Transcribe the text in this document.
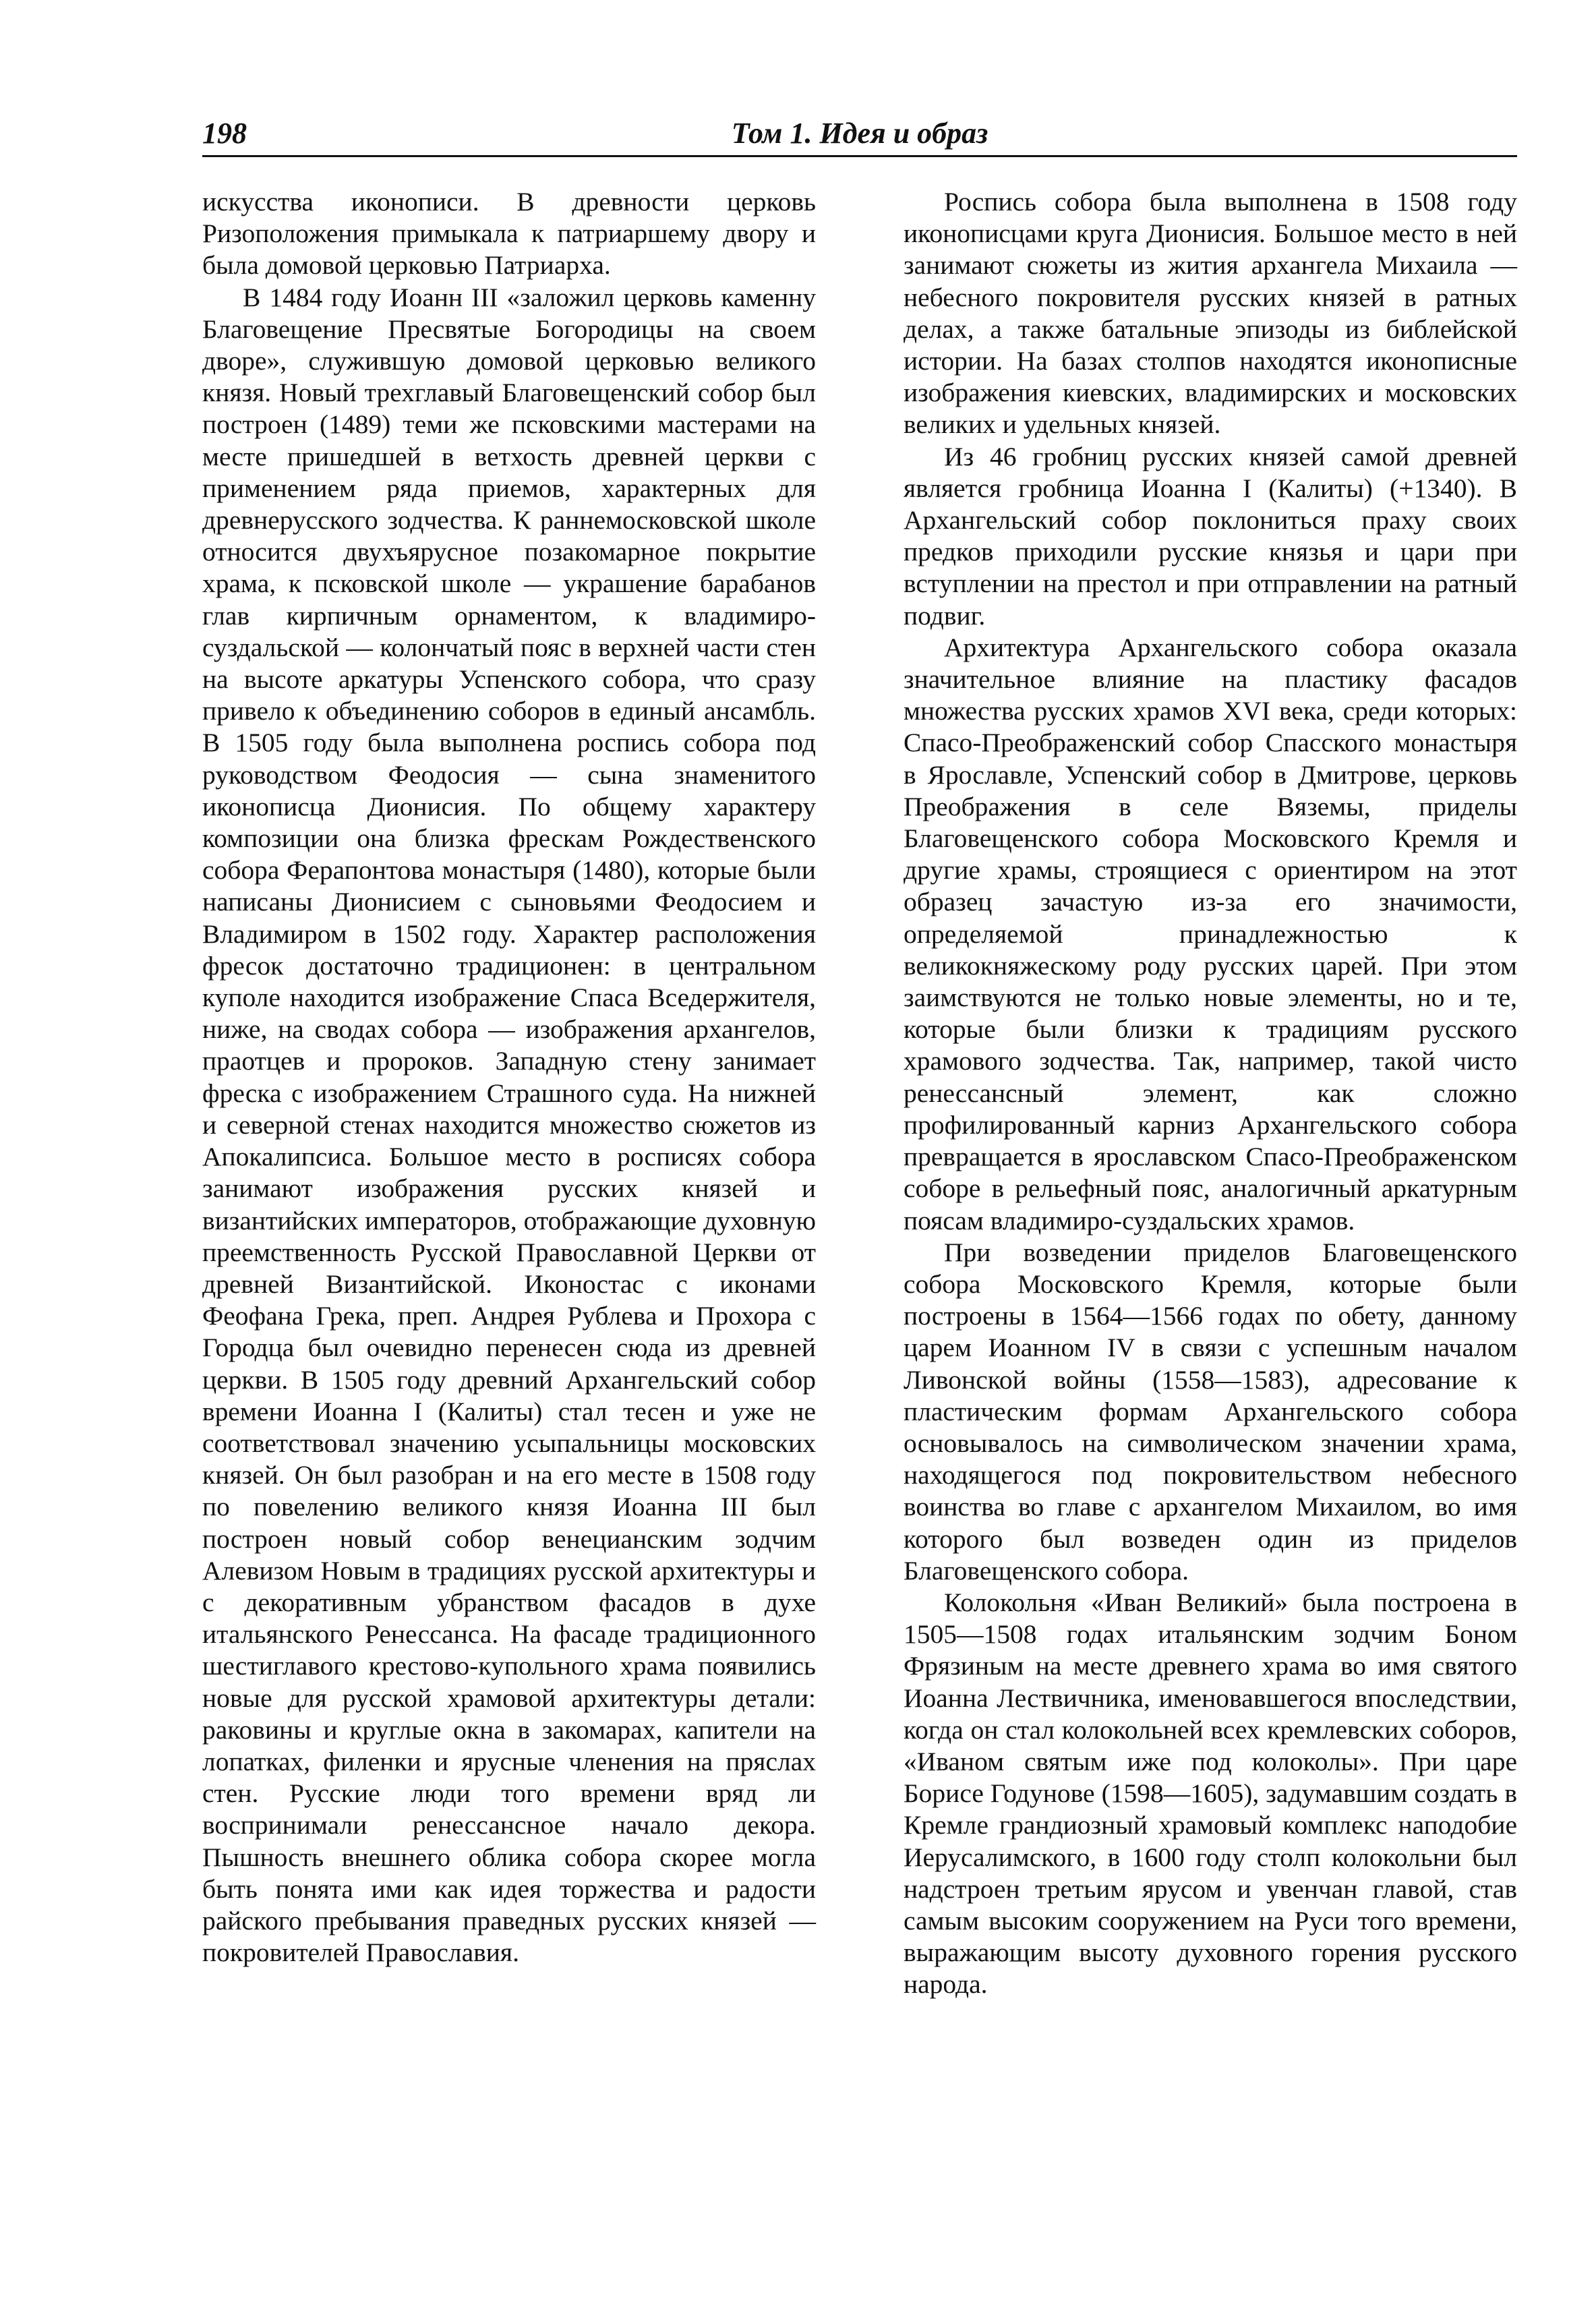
198	Том 1. Идея и образ

искусства иконописи. В древности церковь Ризоположения примыкала к патриаршему двору и была домовой церковью Патриарха.

В 1484 году Иоанн III «заложил церковь каменну Благовещение Пресвятые Богородицы на своем дворе», служившую домовой церковью великого князя. Новый трехглавый Благовещенский собор был построен (1489) теми же псковскими мастерами на месте пришедшей в ветхость древней церкви с применением ряда приемов, характерных для древнерусского зодчества. К раннемосковской школе относится двухъярусное позакомарное покрытие храма, к псковской школе — украшение барабанов глав кирпичным орнаментом, к владимиро-суздальской — колончатый пояс в верхней части стен на высоте аркатуры Успенского собора, что сразу привело к объединению соборов в единый ансамбль. В 1505 году была выполнена роспись собора под руководством Феодосия — сына знаменитого иконописца Дионисия. По общему характеру композиции она близка фрескам Рождественского собора Ферапонтова монастыря (1480), которые были написаны Дионисием с сыновьями Феодосием и Владимиром в 1502 году. Характер расположения фресок достаточно традиционен: в центральном куполе находится изображение Спаса Вседержителя, ниже, на сводах собора — изображения архангелов, праотцев и пророков. Западную стену занимает фреска с изображением Страшного суда. На нижней и северной стенах находится множество сюжетов из Апокалипсиса. Большое место в росписях собора занимают изображения русских князей и византийских императоров, отображающие духовную преемственность Русской Православной Церкви от древней Византийской. Иконостас с иконами Феофана Грека, преп. Андрея Рублева и Прохора с Городца был очевидно перенесен сюда из древней церкви. В 1505 году древний Архангельский собор времени Иоанна I (Калиты) стал тесен и уже не соответствовал значению усыпальницы московских князей. Он был разобран и на его месте в 1508 году по повелению великого князя Иоанна III был построен новый собор венецианским зодчим Алевизом Новым в традициях русской архитектуры и с декоративным убранством фасадов в духе итальянского Ренессанса. На фасаде традиционного шестиглавого крестово-купольного храма появились новые для русской храмовой архитектуры детали: раковины и круглые окна в закомарах, капители на лопатках, филенки и ярусные членения на пряслах стен. Русские люди того времени вряд ли воспринимали ренессансное начало декора. Пышность внешнего облика собора скорее могла быть понята ими как идея торжества и радости райского пребывания праведных русских князей — покровителей Православия.

Роспись собора была выполнена в 1508 году иконописцами круга Дионисия. Большое место в ней занимают сюжеты из жития архангела Михаила — небесного покровителя русских князей в ратных делах, а также батальные эпизоды из библейской истории. На базах столпов находятся иконописные изображения киевских, владимирских и московских великих и удельных князей.

Из 46 гробниц русских князей самой древней является гробница Иоанна I (Калиты) (+1340). В Архангельский собор поклониться праху своих предков приходили русские князья и цари при вступлении на престол и при отправлении на ратный подвиг.

Архитектура Архангельского собора оказала значительное влияние на пластику фасадов множества русских храмов XVI века, среди которых: Спасо-Преображенский собор Спасского монастыря в Ярославле, Успенский собор в Дмитрове, церковь Преображения в селе Вяземы, приделы Благовещенского собора Московского Кремля и другие храмы, строящиеся с ориентиром на этот образец зачастую из-за его значимости, определяемой принадлежностью к великокняжескому роду русских царей. При этом заимствуются не только новые элементы, но и те, которые были близки к традициям русского храмового зодчества. Так, например, такой чисто ренессансный элемент, как сложно профилированный карниз Архангельского собора превращается в ярославском Спасо-Преображенском соборе в рельефный пояс, аналогичный аркатурным поясам владимиро-суздальских храмов.

При возведении приделов Благовещенского собора Московского Кремля, которые были построены в 1564—1566 годах по обету, данному царем Иоанном IV в связи с успешным началом Ливонской войны (1558—1583), адресование к пластическим формам Архангельского собора основывалось на символическом значении храма, находящегося под покровительством небесного воинства во главе с архангелом Михаилом, во имя которого был возведен один из приделов Благовещенского собора.

Колокольня «Иван Великий» была построена в 1505—1508 годах итальянским зодчим Боном Фрязиным на месте древнего храма во имя святого Иоанна Лествичника, именовавшегося впоследствии, когда он стал колокольней всех кремлевских соборов, «Иваном святым иже под колоколы». При царе Борисе Годунове (1598—1605), задумавшим создать в Кремле грандиозный храмовый комплекс наподобие Иерусалимского, в 1600 году столп колокольни был надстроен третьим ярусом и увенчан главой, став самым высоким сооружением на Руси того времени, выражающим высоту духовного горения русского народа.
